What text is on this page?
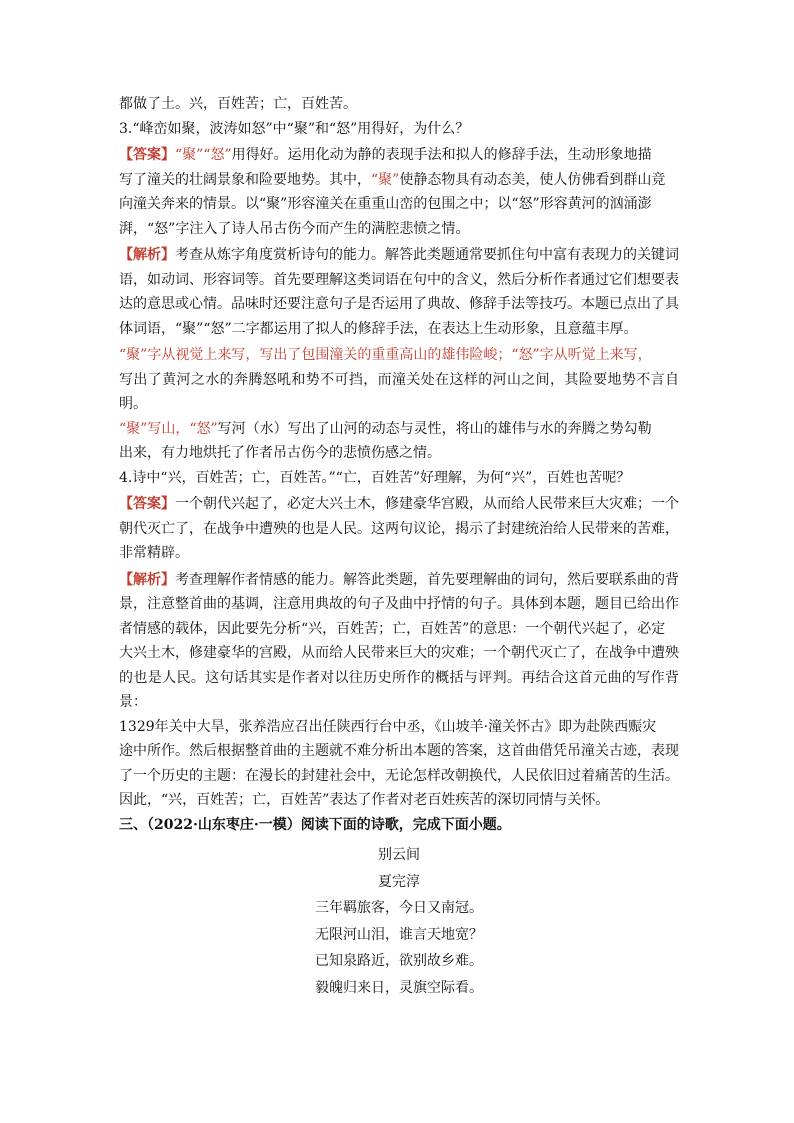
都做了土。兴，百姓苦；亡，百姓苦。

3.“峰峦如聚，波涛如怒”中“聚”和“怒”用得好，为什么？

【答案】“聚”“怒”用得好。运用化动为静的表现手法和拟人的修辞手法，生动形象地描

写了潼关的壮阔景象和险要地势。其中，“聚”使静态物具有动态美，使人仿佛看到群山竞

向潼关奔来的情景。以“聚”形容潼关在重重山峦的包围之中；以“怒”形容黄河的汹涌澎

湃，“怒”字注入了诗人吊古伤今而产生的满腔悲愤之情。

【解析】考查从炼字角度赏析诗句的能力。解答此类题通常要抓住句中富有表现力的关键词

语，如动词、形容词等。首先要理解这类词语在句中的含义，然后分析作者通过它们想要表

达的意思或心情。品味时还要注意句子是否运用了典故、修辞手法等技巧。本题已点出了具

体词语，“聚”“怒”二字都运用了拟人的修辞手法，在表达上生动形象，且意蕴丰厚。

“聚”字从视觉上来写，写出了包围潼关的重重高山的雄伟险峻；“怒”字从听觉上来写，

写出了黄河之水的奔腾怒吼和势不可挡，而潼关处在这样的河山之间，其险要地势不言自明。

“聚”写山，“怒”写河（水）写出了山河的动态与灵性，将山的雄伟与水的奔腾之势勾勒

出来，有力地烘托了作者吊古伤今的悲愤伤感之情。

4.诗中“兴，百姓苦；亡，百姓苦。”“亡，百姓苦”好理解，为何“兴”，百姓也苦呢？

【答案】一个朝代兴起了，必定大兴土木，修建豪华宫殿，从而给人民带来巨大灾难；一个

朝代灭亡了，在战争中遭殃的也是人民。这两句议论，揭示了封建统治给人民带来的苦难，

非常精辟。

【解析】考查理解作者情感的能力。解答此类题，首先要理解曲的词句，然后要联系曲的背

景，注意整首曲的基调，注意用典故的句子及曲中抒情的句子。具体到本题，题目已给出作

者情感的载体，因此要先分析“兴，百姓苦；亡，百姓苦”的意思：一个朝代兴起了，必定

大兴土木，修建豪华的宫殿，从而给人民带来巨大的灾难；一个朝代灭亡了，在战争中遭殃

的也是人民。这句话其实是作者对以往历史所作的概括与评判。再结合这首元曲的写作背景：

1329年关中大旱，张养浩应召出任陕西行台中丞，《山坡羊·潼关怀古》即为赴陕西赈灾

途中所作。然后根据整首曲的主题就不难分析出本题的答案，这首曲借凭吊潼关古迹，表现

了一个历史的主题：在漫长的封建社会中，无论怎样改朝换代，人民依旧过着痛苦的生活。

因此，“兴，百姓苦；亡，百姓苦”表达了作者对老百姓疾苦的深切同情与关怀。

三、（2022·山东枣庄·一模）阅读下面的诗歌，完成下面小题。

别云间

夏完淳

三年羁旅客，今日又南冠。

无限河山泪，谁言天地宽？

已知泉路近，欲别故乡难。

毅魄归来日，灵旗空际看。
